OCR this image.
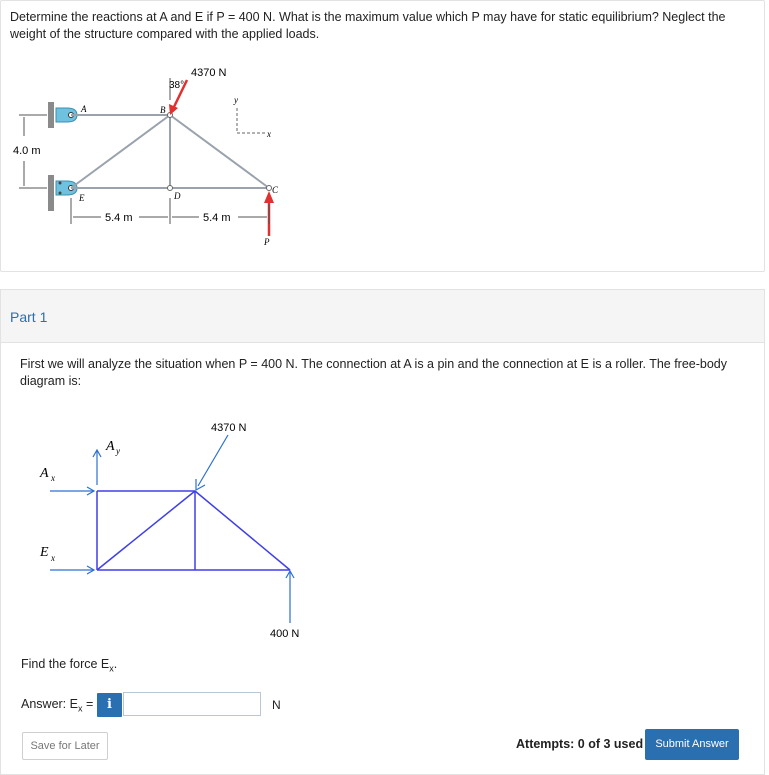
Determine the reactions at A and E if P = 400 N. What is the maximum value which P may have for static equilibrium? Neglect the weight of the structure compared with the applied loads.
38°
4370 N
P
A	B
C
D
E
y
x
4.0 m
5.4 m	5.4 m
Part 1
First we will analyze the situation when P = 400 N. The connection at A is a pin and the connection at E is a roller. The free-body diagram is:
4370 N
A y
A x
E x
400 N
Find the force $E_x$.
Answer: $E_x$ =	i	N
Save for Later	Attempts: 0 of 3 used	Submit Answer
